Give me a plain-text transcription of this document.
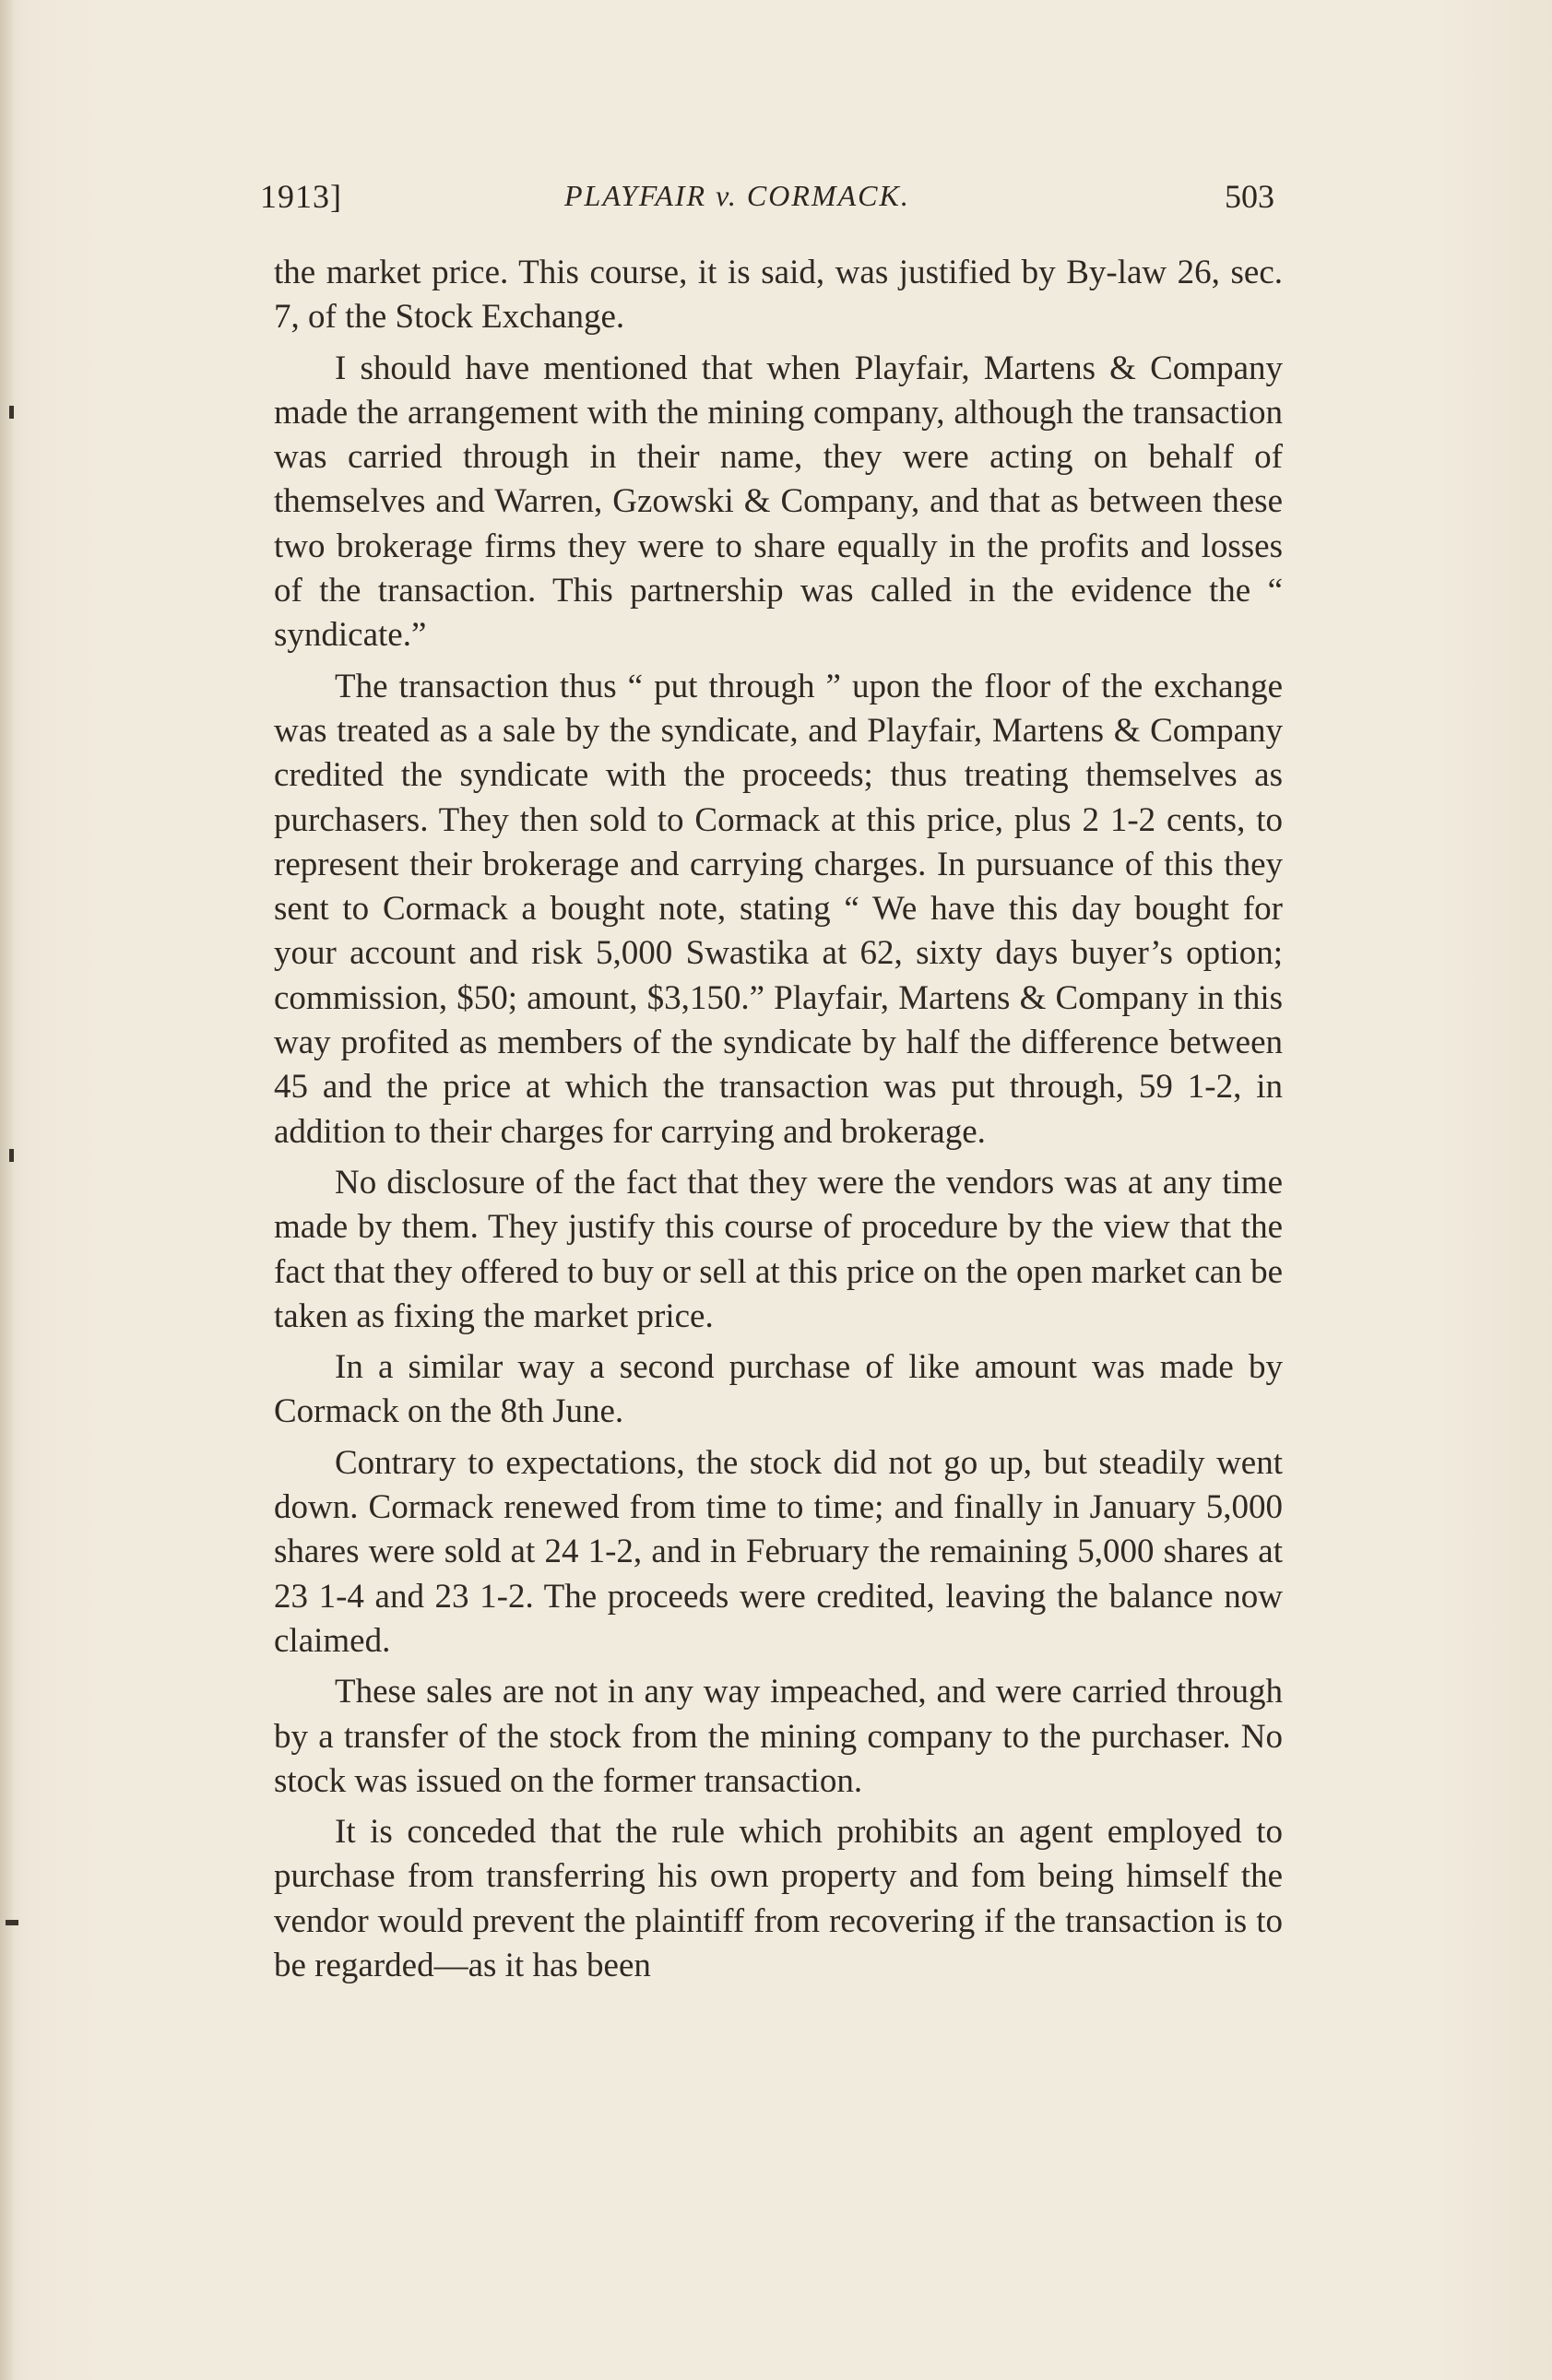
1913]	PLAYFAIR v. CORMACK.	503

the market price. This course, it is said, was justified by By-law 26, sec. 7, of the Stock Exchange.

I should have mentioned that when Playfair, Martens & Company made the arrangement with the mining company, although the transaction was carried through in their name, they were acting on behalf of themselves and Warren, Gzowski & Company, and that as between these two brokerage firms they were to share equally in the profits and losses of the transaction. This partnership was called in the evidence the “ syndicate.”

The transaction thus “ put through ” upon the floor of the exchange was treated as a sale by the syndicate, and Playfair, Martens & Company credited the syndicate with the proceeds; thus treating themselves as purchasers. They then sold to Cormack at this price, plus 2 1-2 cents, to represent their brokerage and carrying charges. In pursuance of this they sent to Cormack a bought note, stating “ We have this day bought for your account and risk 5,000 Swastika at 62, sixty days buyer’s option; commission, $50; amount, $3,150.” Playfair, Martens & Company in this way profited as members of the syndicate by half the difference between 45 and the price at which the transaction was put through, 59 1-2, in addition to their charges for carrying and brokerage.

No disclosure of the fact that they were the vendors was at any time made by them. They justify this course of procedure by the view that the fact that they offered to buy or sell at this price on the open market can be taken as fixing the market price.

In a similar way a second purchase of like amount was made by Cormack on the 8th June.

Contrary to expectations, the stock did not go up, but steadily went down. Cormack renewed from time to time; and finally in January 5,000 shares were sold at 24 1-2, and in February the remaining 5,000 shares at 23 1-4 and 23 1-2. The proceeds were credited, leaving the balance now claimed.

These sales are not in any way impeached, and were carried through by a transfer of the stock from the mining company to the purchaser. No stock was issued on the former transaction.

It is conceded that the rule which prohibits an agent employed to purchase from transferring his own property and fom being himself the vendor would prevent the plaintiff from recovering if the transaction is to be regarded—as it has been
